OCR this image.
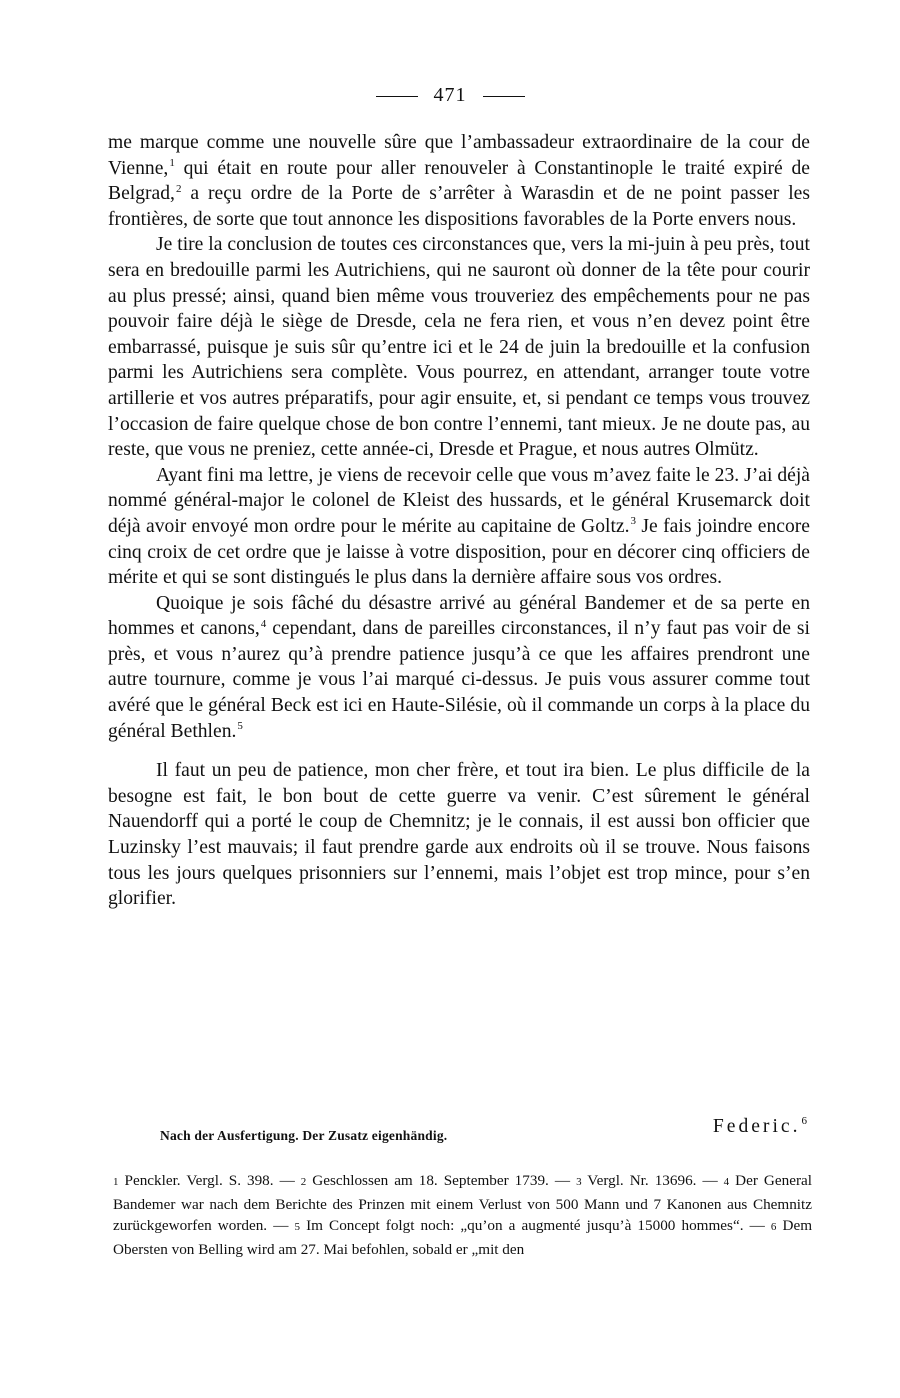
471

me marque comme une nouvelle sûre que l’ambassadeur extraordinaire de la cour de Vienne,$^1$ qui était en route pour aller renouveler à Constantinople le traité expiré de Belgrad,$^2$ a reçu ordre de la Porte de s’arrêter à Warasdin et de ne point passer les frontières, de sorte que tout annonce les dispositions favorables de la Porte envers nous.

Je tire la conclusion de toutes ces circonstances que, vers la mi-juin à peu près, tout sera en bredouille parmi les Autrichiens, qui ne sauront où donner de la tête pour courir au plus pressé; ainsi, quand bien même vous trouveriez des empêchements pour ne pas pouvoir faire déjà le siège de Dresde, cela ne fera rien, et vous n’en devez point être embarrassé, puisque je suis sûr qu’entre ici et le 24 de juin la bredouille et la confusion parmi les Autrichiens sera complète. Vous pourrez, en attendant, arranger toute votre artillerie et vos autres préparatifs, pour agir ensuite, et, si pendant ce temps vous trouvez l’occasion de faire quelque chose de bon contre l’ennemi, tant mieux. Je ne doute pas, au reste, que vous ne preniez, cette année-ci, Dresde et Prague, et nous autres Olmütz.

Ayant fini ma lettre, je viens de recevoir celle que vous m’avez faite le 23. J’ai déjà nommé général-major le colonel de Kleist des hussards, et le général Krusemarck doit déjà avoir envoyé mon ordre pour le mérite au capitaine de Goltz.$^3$ Je fais joindre encore cinq croix de cet ordre que je laisse à votre disposition, pour en décorer cinq officiers de mérite et qui se sont distingués le plus dans la dernière affaire sous vos ordres.

Quoique je sois fâché du désastre arrivé au général Bandemer et de sa perte en hommes et canons,$^4$ cependant, dans de pareilles circonstances, il n’y faut pas voir de si près, et vous n’aurez qu’à prendre patience jusqu’à ce que les affaires prendront une autre tournure, comme je vous l’ai marqué ci-dessus. Je puis vous assurer comme tout avéré que le général Beck est ici en Haute-Silésie, où il commande un corps à la place du général Bethlen.$^5$

Il faut un peu de patience, mon cher frère, et tout ira bien. Le plus difficile de la besogne est fait, le bon bout de cette guerre va venir. C’est sûrement le général Nauendorff qui a porté le coup de Chemnitz; je le connais, il est aussi bon officier que Luzinsky l’est mauvais; il faut prendre garde aux endroits où il se trouve. Nous faisons tous les jours quelques prisonniers sur l’ennemi, mais l’objet est trop mince, pour s’en glorifier.

Nach der Ausfertigung. Der Zusatz eigenhändig.	Federic.$^6$

1 Penckler. Vergl. S. 398. — 2 Geschlossen am 18. September 1739. — 3 Vergl. Nr. 13696. — 4 Der General Bandemer war nach dem Berichte des Prinzen mit einem Verlust von 500 Mann und 7 Kanonen aus Chemnitz zurückgeworfen worden. — 5 Im Concept folgt noch: „qu’on a augmenté jusqu’à 15000 hommes“. — 6 Dem Obersten von Belling wird am 27. Mai befohlen, sobald er „mit den
